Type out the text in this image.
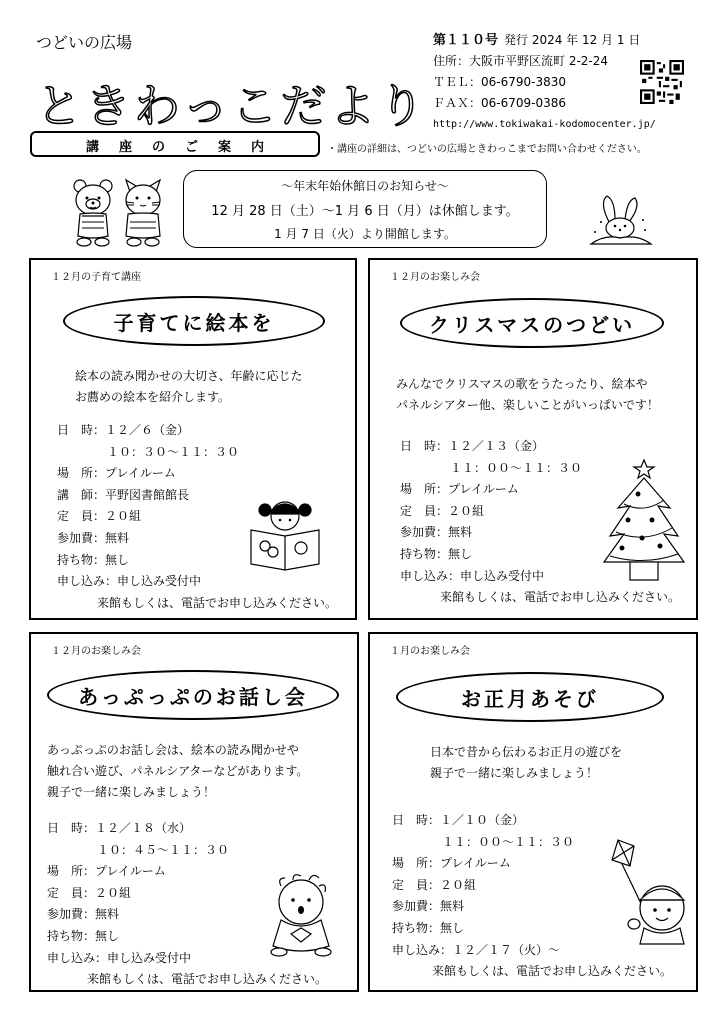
つどいの広場
ときわっこだより
第１１０号 発行 2024 年 12 月 1 日
住所：大阪市平野区流町 2-2-24
ＴＥＬ：06-6790-3830
ＦＡＸ：06-6709-0386
http://www.tokiwakai-kodomocenter.jp/
講座のご案内	・講座の詳細は、つどいの広場ときわっこまでお問い合わせください。
～年末年始休館日のお知らせ～
12 月 28 日（土）～1 月 6 日（月）は休館します。
1 月 7 日（火）より開館します。
１２月の子育て講座
子育てに絵本を
絵本の読み聞かせの大切さ、年齢に応じた
お薦めの絵本を紹介します。
日　時：１２／６（金）
１０：３０～１１：３０
場　所：プレイルーム
講　師：平野図書館館長
定　員：２０組
参加費：無料
持ち物：無し
申し込み：申し込み受付中
来館もしくは、電話でお申し込みください。
１２月のお楽しみ会
クリスマスのつどい
みんなでクリスマスの歌をうたったり、絵本や
パネルシアター他、楽しいことがいっぱいです！
日　時：１２／１３（金）
１１：００～１１：３０
場　所：プレイルーム
定　員：２０組
参加費：無料
持ち物：無し
申し込み：申し込み受付中
来館もしくは、電話でお申し込みください。
１２月のお楽しみ会
あっぷっぷのお話し会
あっぷっぷのお話し会は、絵本の読み聞かせや
触れ合い遊び、パネルシアターなどがあります。
親子で一緒に楽しみましょう！
日　時：１２／１８（水）
１０：４５～１１：３０
場　所：プレイルーム
定　員：２０組
参加費：無料
持ち物：無し
申し込み：申し込み受付中
来館もしくは、電話でお申し込みください。
１月のお楽しみ会
お正月あそび
日本で昔から伝わるお正月の遊びを
親子で一緒に楽しみましょう！
日　時：１／１０（金）
１１：００～１１：３０
場　所：プレイルーム
定　員：２０組
参加費：無料
持ち物：無し
申し込み：１２／１７（火）～
来館もしくは、電話でお申し込みください。
